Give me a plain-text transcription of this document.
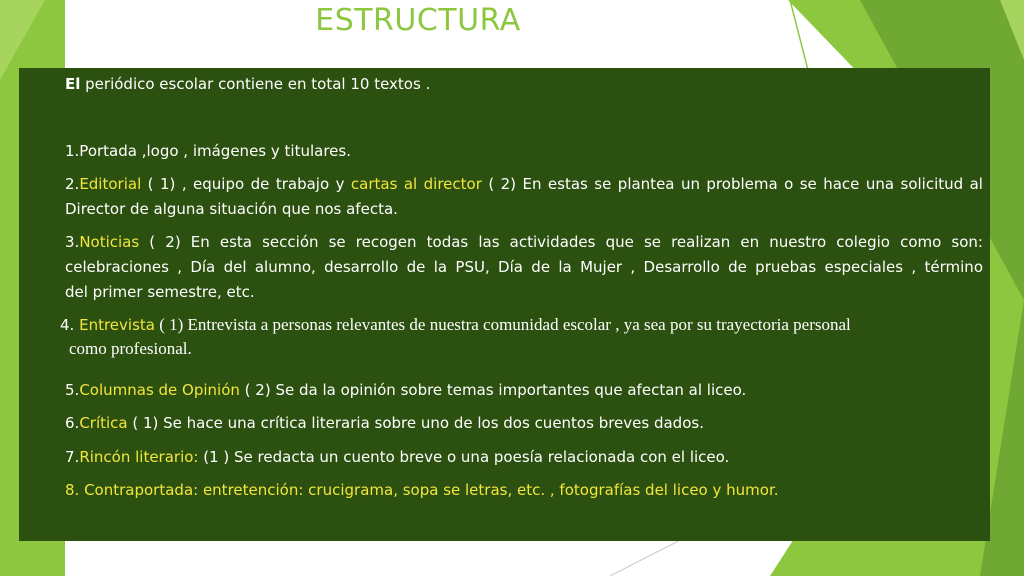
ESTRUCTURA
El periódico escolar contiene en total 10 textos .
1.Portada ,logo , imágenes y titulares.
2.Editorial ( 1) , equipo de trabajo y cartas al director ( 2) En estas se plantea un problema o se hace una solicitud al
Director de alguna situación que nos afecta.
3.Noticias ( 2) En esta sección se recogen todas las actividades que se realizan en nuestro colegio como son:
celebraciones , Día del alumno, desarrollo de la PSU, Día de la Mujer , Desarrollo de pruebas especiales , término
del primer semestre, etc.
4. Entrevista ( 1) Entrevista a personas relevantes de nuestra comunidad escolar , ya sea por su trayectoria personal
como profesional.
5.Columnas de Opinión ( 2) Se da la opinión sobre temas importantes que afectan al liceo.
6.Crítica ( 1) Se hace una crítica literaria sobre uno de los dos cuentos breves dados.
7.Rincón literario: (1 ) Se redacta un cuento breve o una poesía relacionada con el liceo.
8. Contraportada: entretención: crucigrama, sopa se letras, etc. , fotografías del liceo y humor.
